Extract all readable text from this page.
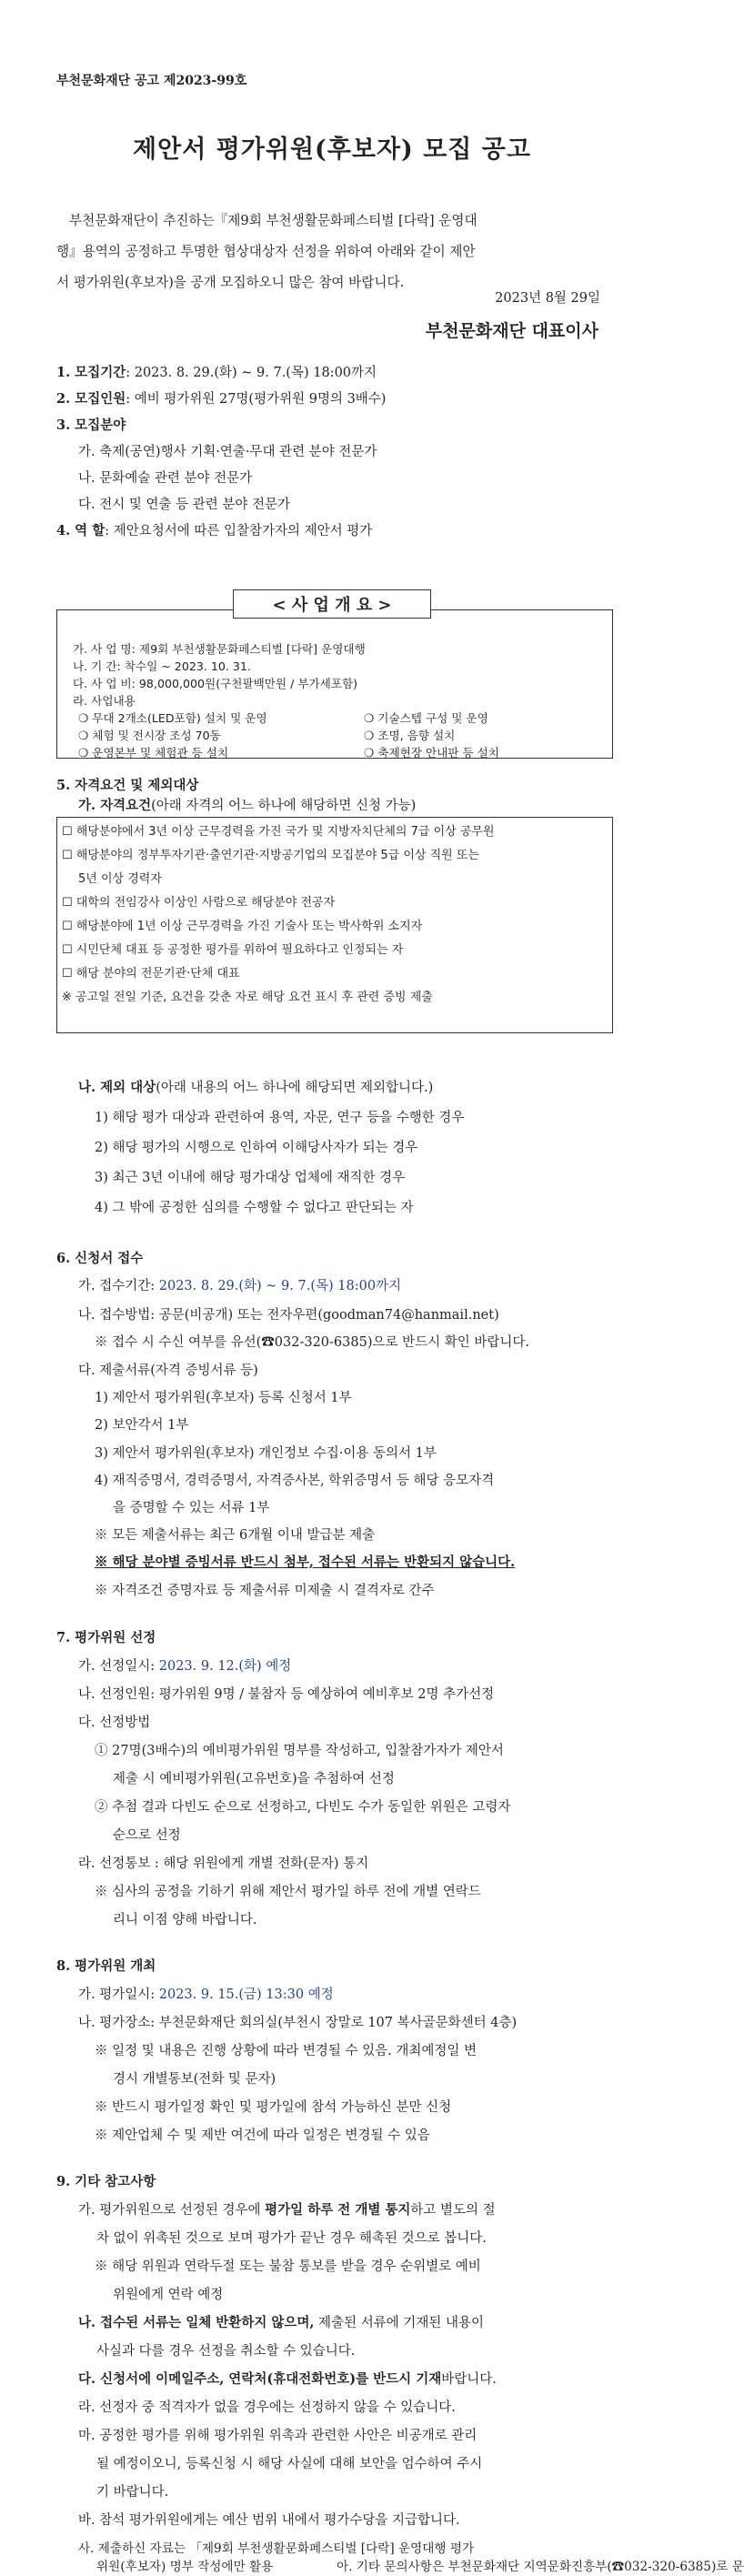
부천문화재단 공고 제2023-99호
제안서 평가위원(후보자) 모집 공고
부천문화재단이 추진하는『제9회 부천생활문화페스티벌 [다락] 운영대
행』용역의 공정하고 투명한 협상대상자 선정을 위하여 아래와 같이 제안
서 평가위원(후보자)을 공개 모집하오니 많은 참여 바랍니다.
2023년 8월 29일
부천문화재단 대표이사
1. 모집기간: 2023. 8. 29.(화) ~ 9. 7.(목) 18:00까지
2. 모집인원: 예비 평가위원 27명(평가위원 9명의 3배수)
3. 모집분야
가. 축제(공연)행사 기획·연출·무대 관련 분야 전문가
나. 문화예술 관련 분야 전문가
다. 전시 및 연출 등 관련 분야 전문가
4. 역 할: 제안요청서에 따른 입찰참가자의 제안서 평가
< 사 업 개 요 >
가. 사 업 명: 제9회 부천생활문화페스티벌 [다락] 운영대행
나. 기 간: 착수일 ~ 2023. 10. 31.
다. 사 업 비: 98,000,000원(구천팔백만원 / 부가세포함)
라. 사업내용
❍ 무대 2개소(LED포함) 설치 및 운영	❍ 기술스텝 구성 및 운영
❍ 체험 및 전시장 조성 70동	❍ 조명, 음향 설치
❍ 운영본부 및 체험관 등 설치	❍ 축제현장 안내판 등 설치
5. 자격요건 및 제외대상
가. 자격요건(아래 자격의 어느 하나에 해당하면 신청 가능)
☐ 해당분야에서 3년 이상 근무경력을 가진 국가 및 지방자치단체의 7급 이상 공무원
☐ 해당분야의 정부투자기관·출연기관·지방공기업의 모집분야 5급 이상 직원 또는
5년 이상 경력자
☐ 대학의 전임강사 이상인 사람으로 해당분야 전공자
☐ 해당분야에 1년 이상 근무경력을 가진 기술사 또는 박사학위 소지자
☐ 시민단체 대표 등 공정한 평가를 위하여 필요하다고 인정되는 자
☐ 해당 분야의 전문기관·단체 대표
※ 공고일 전일 기준, 요건을 갖춘 자로 해당 요건 표시 후 관련 증빙 제출
나. 제외 대상(아래 내용의 어느 하나에 해당되면 제외합니다.)
1) 해당 평가 대상과 관련하여 용역, 자문, 연구 등을 수행한 경우
2) 해당 평가의 시행으로 인하여 이해당사자가 되는 경우
3) 최근 3년 이내에 해당 평가대상 업체에 재직한 경우
4) 그 밖에 공정한 심의를 수행할 수 없다고 판단되는 자
6. 신청서 접수
가. 접수기간: 2023. 8. 29.(화) ~ 9. 7.(목) 18:00까지
나. 접수방법: 공문(비공개) 또는 전자우편(goodman74@hanmail.net)
※ 접수 시 수신 여부를 유선(☎032-320-6385)으로 반드시 확인 바랍니다.
다. 제출서류(자격 증빙서류 등)
1) 제안서 평가위원(후보자) 등록 신청서 1부
2) 보안각서 1부
3) 제안서 평가위원(후보자) 개인정보 수집·이용 동의서 1부
4) 재직증명서, 경력증명서, 자격증사본, 학위증명서 등 해당 응모자격
을 증명할 수 있는 서류 1부
※ 모든 제출서류는 최근 6개월 이내 발급분 제출
※ 해당 분야별 증빙서류 반드시 첨부, 접수된 서류는 반환되지 않습니다.
※ 자격조건 증명자료 등 제출서류 미제출 시 결격자로 간주
7. 평가위원 선정
가. 선정일시: 2023. 9. 12.(화) 예정
나. 선정인원: 평가위원 9명 / 불참자 등 예상하여 예비후보 2명 추가선정
다. 선정방법
① 27명(3배수)의 예비평가위원 명부를 작성하고, 입찰참가자가 제안서
제출 시 예비평가위원(고유번호)을 추첨하여 선정
② 추첨 결과 다빈도 순으로 선정하고, 다빈도 수가 동일한 위원은 고령자
순으로 선정
라. 선정통보 : 해당 위원에게 개별 전화(문자) 통지
※ 심사의 공정을 기하기 위해 제안서 평가일 하루 전에 개별 연락드
리니 이점 양해 바랍니다.
8. 평가위원 개최
가. 평가일시: 2023. 9. 15.(금) 13:30 예정
나. 평가장소: 부천문화재단 회의실(부천시 장말로 107 복사골문화센터 4층)
※ 일정 및 내용은 진행 상황에 따라 변경될 수 있음. 개최예정일 변
경시 개별통보(전화 및 문자)
※ 반드시 평가일정 확인 및 평가일에 참석 가능하신 분만 신청
※ 제안업체 수 및 제반 여건에 따라 일정은 변경될 수 있음
9. 기타 참고사항
가. 평가위원으로 선정된 경우에 평가일 하루 전 개별 통지하고 별도의 절
차 없이 위촉된 것으로 보며 평가가 끝난 경우 해촉된 것으로 봅니다.
※ 해당 위원과 연락두절 또는 불참 통보를 받을 경우 순위별로 예비
위원에게 연락 예정
나. 접수된 서류는 일체 반환하지 않으며, 제출된 서류에 기재된 내용이
사실과 다를 경우 선정을 취소할 수 있습니다.
다. 신청서에 이메일주소, 연락처(휴대전화번호)를 반드시 기재바랍니다.
라. 선정자 중 적격자가 없을 경우에는 선정하지 않을 수 있습니다.
마. 공정한 평가를 위해 평가위원 위촉과 관련한 사안은 비공개로 관리
될 예정이오니, 등록신청 시 해당 사실에 대해 보안을 엄수하여 주시
기 바랍니다.
바. 참석 평가위원에게는 예산 범위 내에서 평가수당을 지급합니다.
사. 제출하신 자료는 「제9회 부천생활문화페스티벌 [다락] 운영대행 평가
위원(후보자) 명부 작성에만 활용	아. 기타 문의사항은 부천문화재단 지역문화진흥부(☎032-320-6385)로 문
